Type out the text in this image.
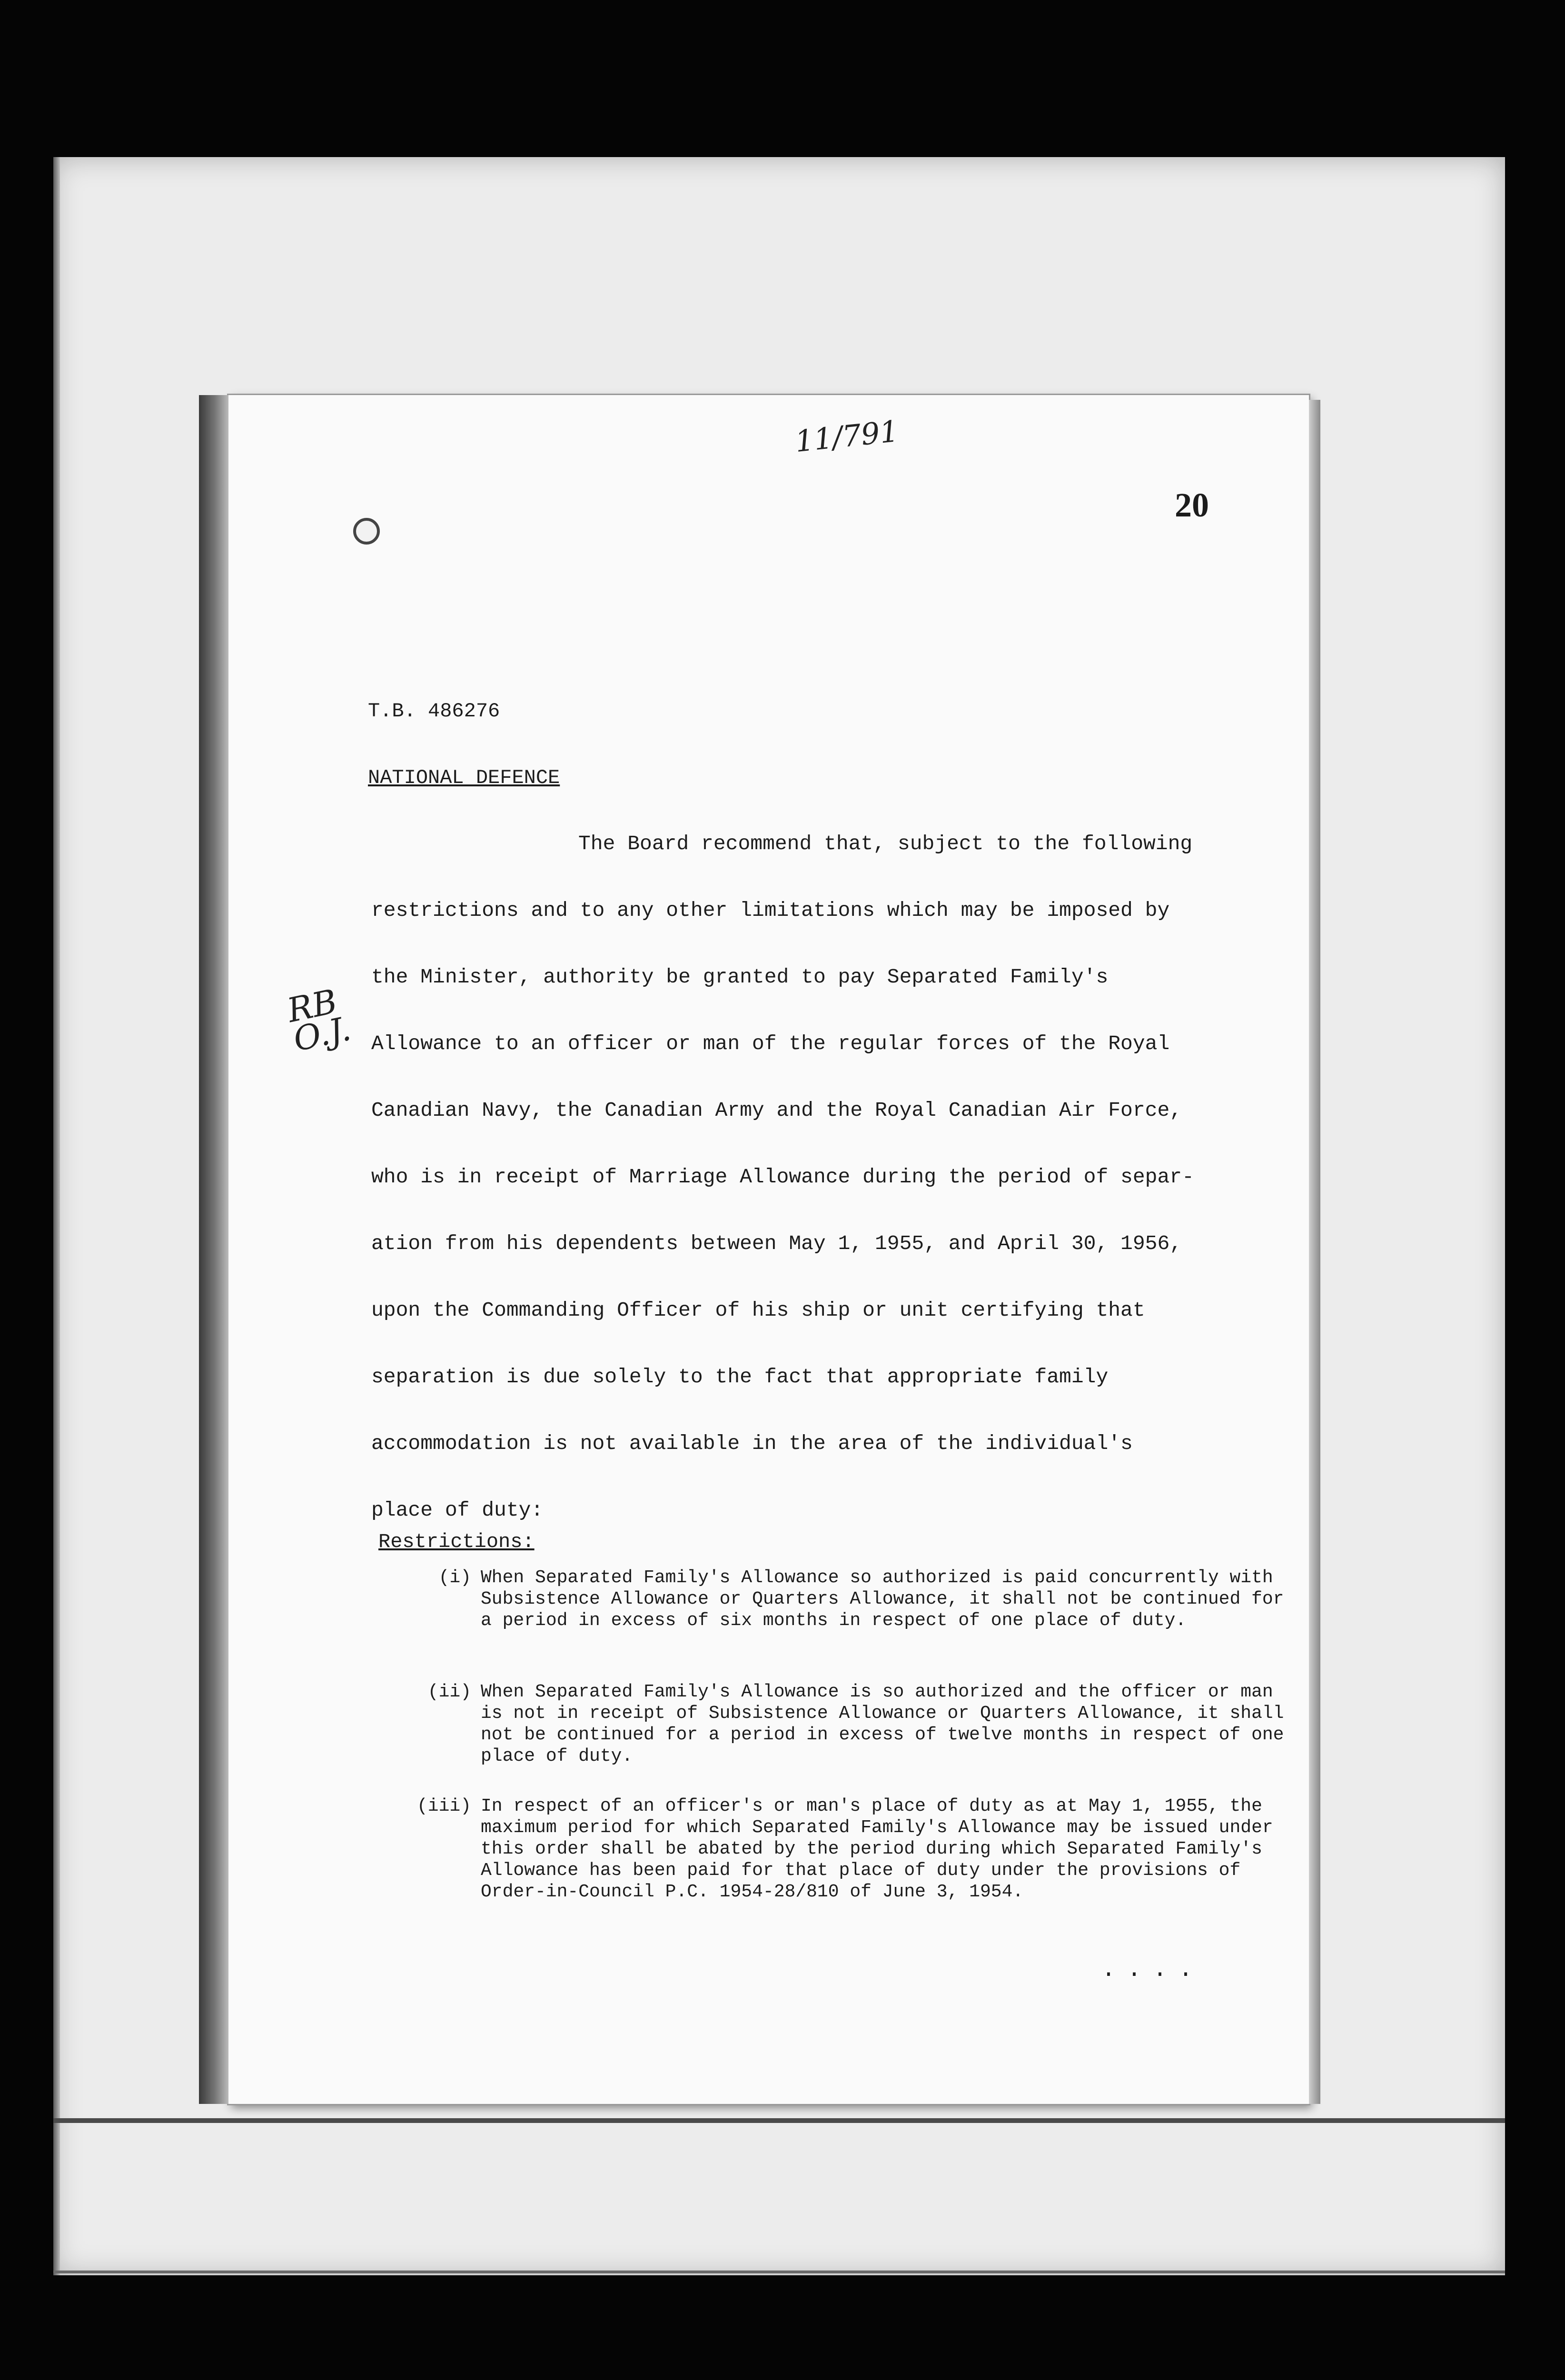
11/791
20
RB
O.J.
T.B. 486276
NATIONAL DEFENCE
The Board recommend that, subject to the following
restrictions and to any other limitations which may be imposed by
the Minister, authority be granted to pay Separated Family's
Allowance to an officer or man of the regular forces of the Royal
Canadian Navy, the Canadian Army and the Royal Canadian Air Force,
who is in receipt of Marriage Allowance during the period of separ-
ation from his dependents between May 1, 1955, and April 30, 1956,
upon the Commanding Officer of his ship or unit certifying that
separation is due solely to the fact that appropriate family
accommodation is not available in the area of the individual's
place of duty:
Restrictions:
(i) When Separated Family's Allowance so authorized is paid concurrently with Subsistence Allowance or Quarters Allowance, it shall not be continued for a period in excess of six months in respect of one place of duty.
(ii) When Separated Family's Allowance is so authorized and the officer or man is not in receipt of Subsistence Allowance or Quarters Allowance, it shall not be continued for a period in excess of twelve months in respect of one place of duty.
(iii) In respect of an officer's or man's place of duty as at May 1, 1955, the maximum period for which Separated Family's Allowance may be issued under this order shall be abated by the period during which Separated Family's Allowance has been paid for that place of duty under the provisions of Order-in-Council P.C. 1954-28/810 of June 3, 1954.
....
